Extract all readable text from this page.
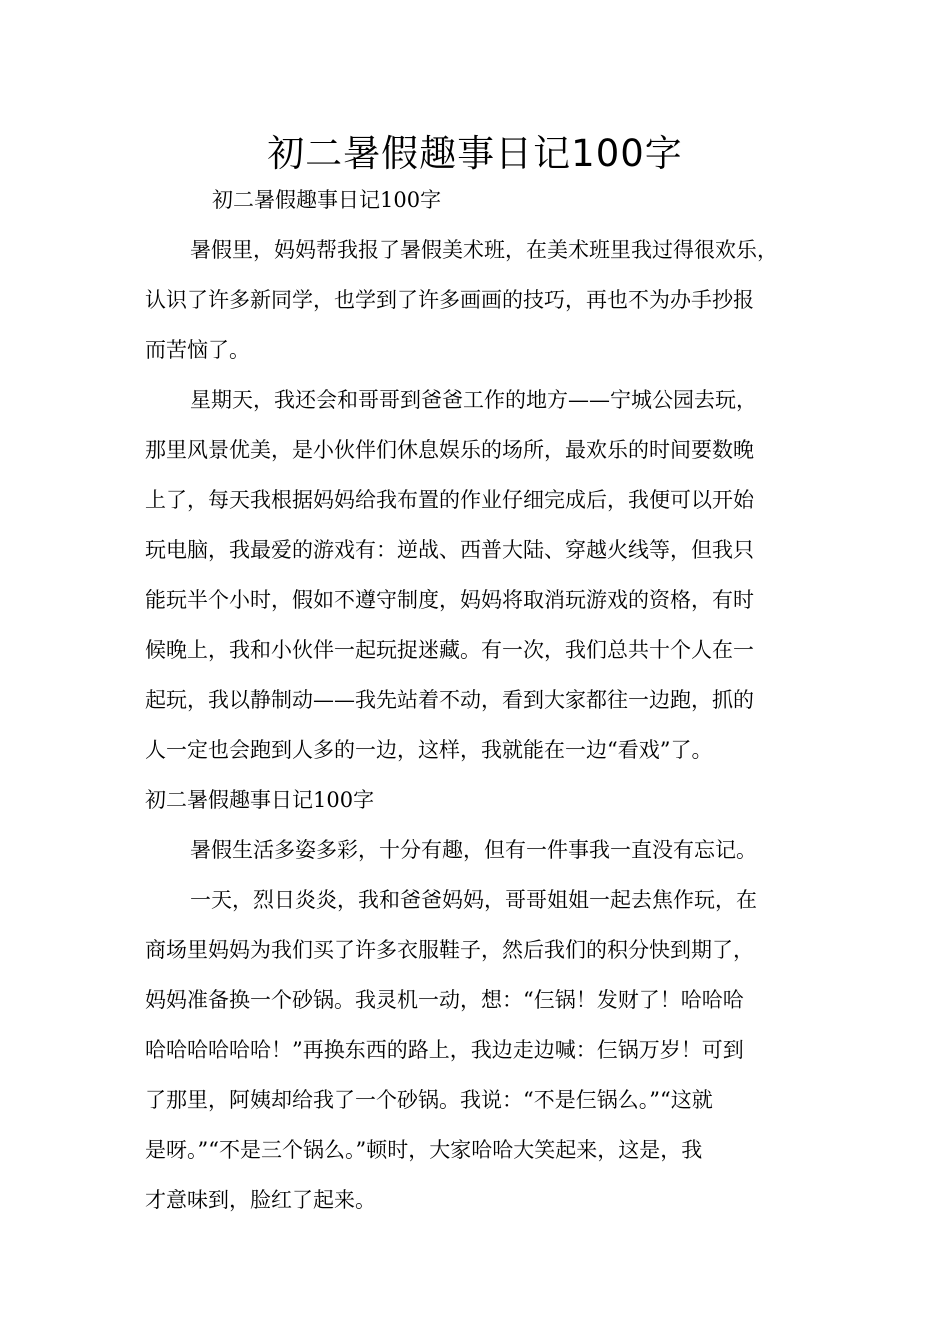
初二暑假趣事日记100字

初二暑假趣事日记100字

暑假里，妈妈帮我报了暑假美术班，在美术班里我过得很欢乐，

认识了许多新同学，也学到了许多画画的技巧，再也不为办手抄报

而苦恼了。

星期天，我还会和哥哥到爸爸工作的地方——宁城公园去玩，

那里风景优美，是小伙伴们休息娱乐的场所，最欢乐的时间要数晚

上了，每天我根据妈妈给我布置的作业仔细完成后，我便可以开始

玩电脑，我最爱的游戏有：逆战、西普大陆、穿越火线等，但我只

能玩半个小时，假如不遵守制度，妈妈将取消玩游戏的资格，有时

候晚上，我和小伙伴一起玩捉迷藏。有一次，我们总共十个人在一

起玩，我以静制动——我先站着不动，看到大家都往一边跑，抓的

人一定也会跑到人多的一边，这样，我就能在一边“看戏”了。

初二暑假趣事日记100字

暑假生活多姿多彩，十分有趣，但有一件事我一直没有忘记。

一天，烈日炎炎，我和爸爸妈妈，哥哥姐姐一起去焦作玩，在

商场里妈妈为我们买了许多衣服鞋子，然后我们的积分快到期了，

妈妈准备换一个砂锅。我灵机一动，想：“仨锅！发财了！哈哈哈

哈哈哈哈哈哈！”再换东西的路上，我边走边喊：仨锅万岁！可到

了那里，阿姨却给我了一个砂锅。我说：“不是仨锅么。”“这就

是呀。”“不是三个锅么。”顿时，大家哈哈大笑起来，这是，我

才意味到，脸红了起来。
